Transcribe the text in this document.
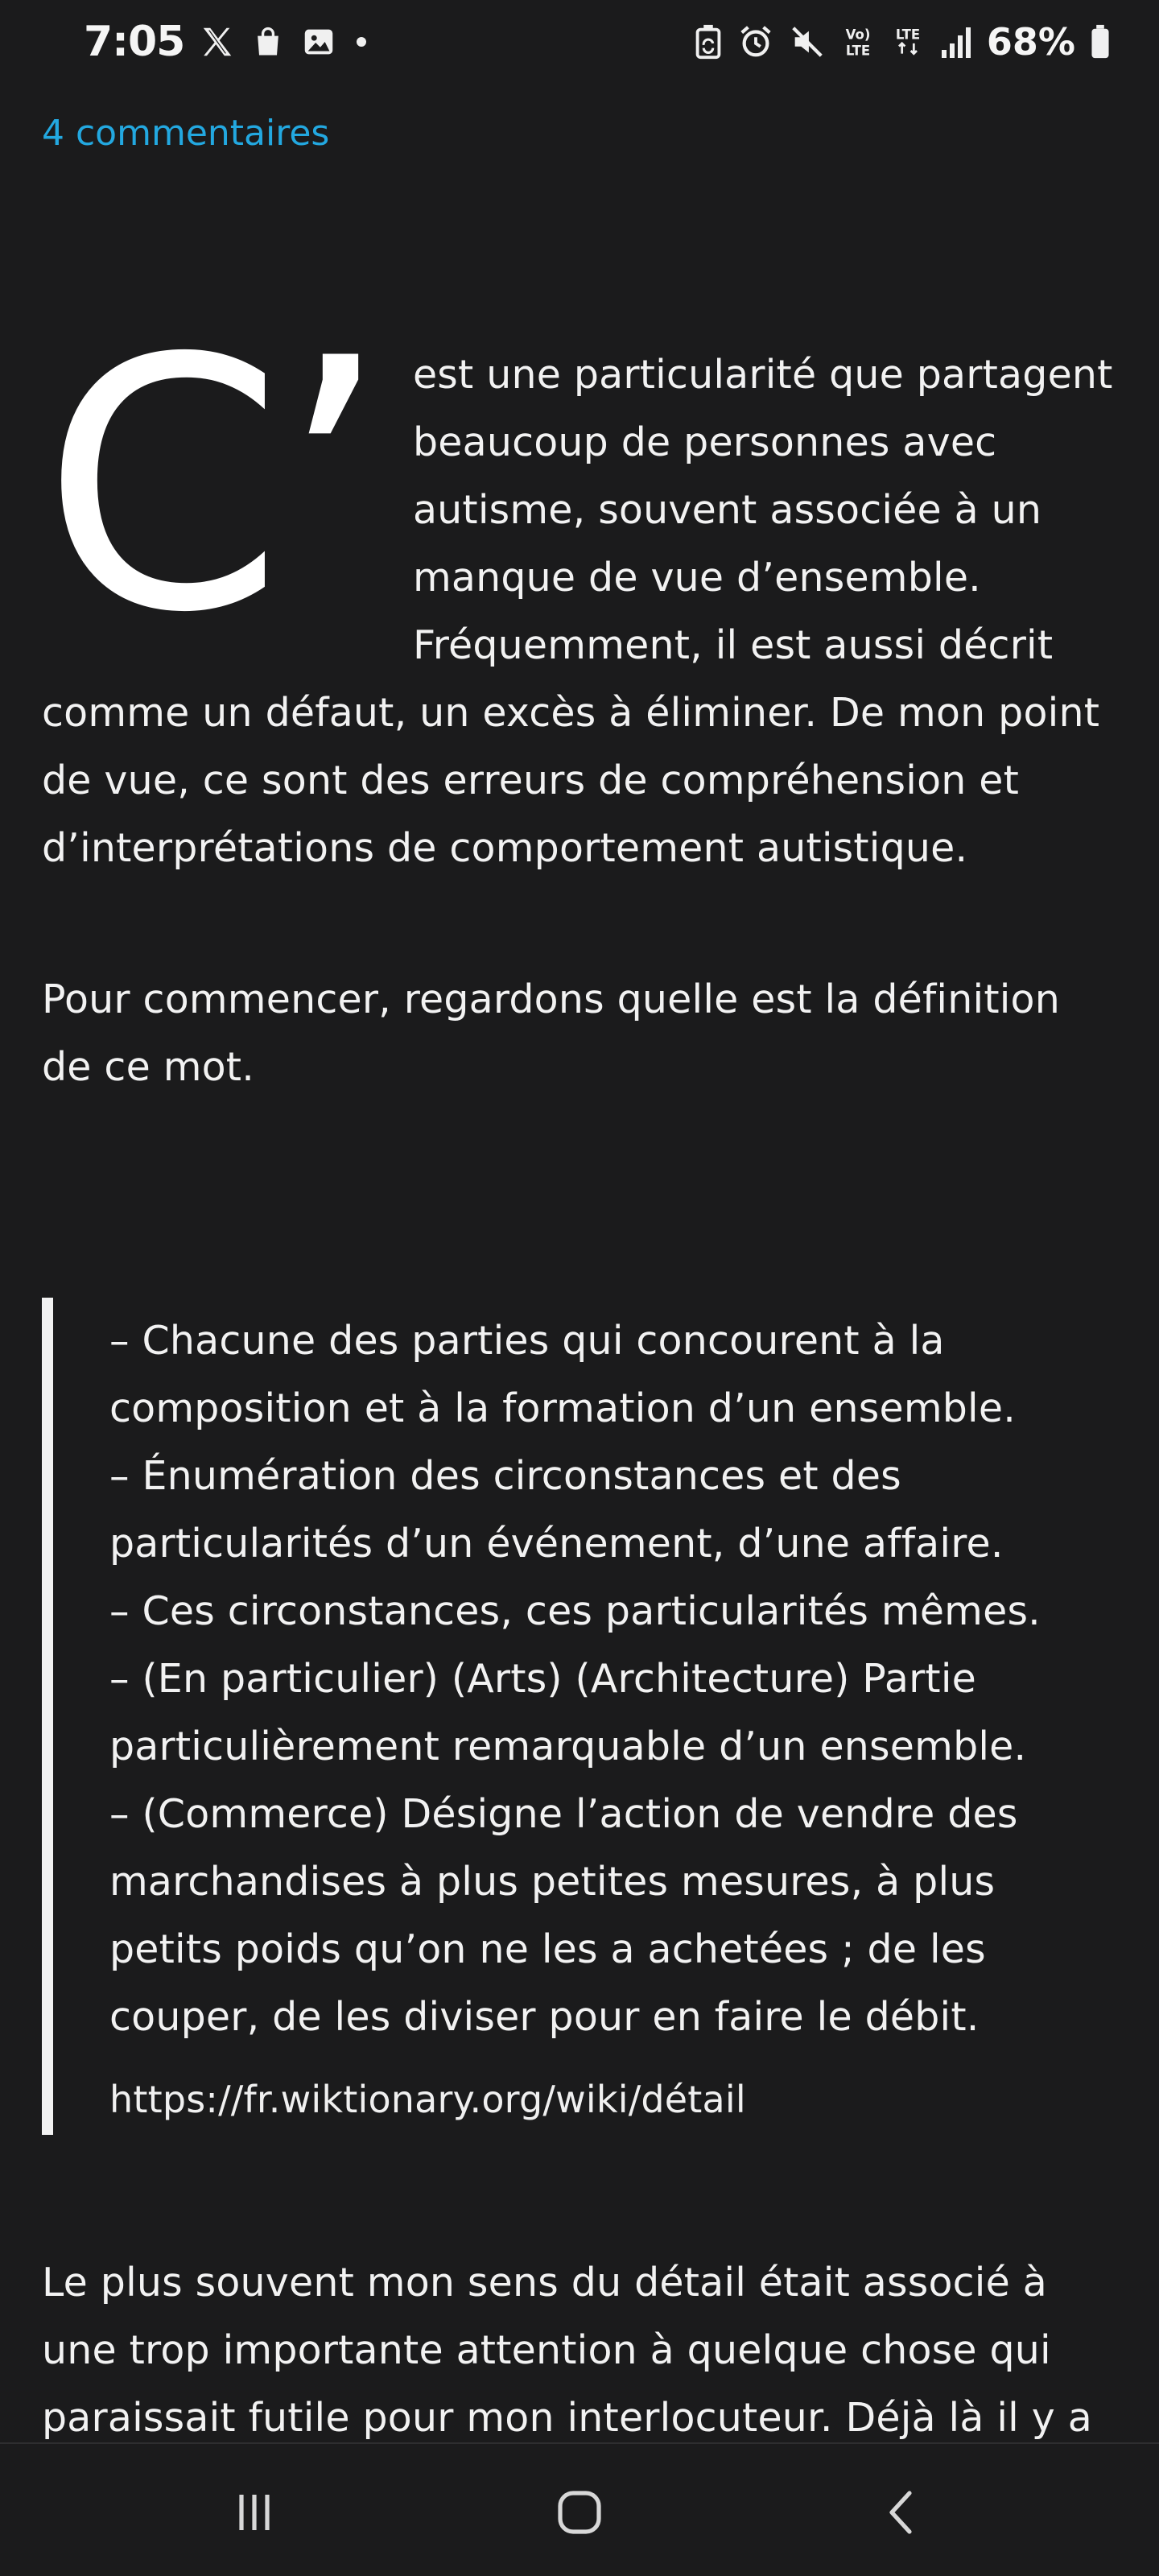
7:05	Vo)
LTE
LTE 68%
4 commentaires
C’ est une particularité que partagent beaucoup de personnes avec autisme, souvent associée à un manque de vue d’ensemble. Fréquemment, il est aussi décrit comme un défaut, un excès à éliminer. De mon point de vue, ce sont des erreurs de compréhension et d’interprétations de comportement autistique.
Pour commencer, regardons quelle est la définition de ce mot.
– Chacune des parties qui concourent à la composition et à la formation d’un ensemble.
– Énumération des circonstances et des particularités d’un événement, d’une affaire.
– Ces circonstances, ces particularités mêmes.
– (En particulier) (Arts) (Architecture) Partie particulièrement remarquable d’un ensemble.
– (Commerce) Désigne l’action de vendre des marchandises à plus petites mesures, à plus petits poids qu’on ne les a achetées ; de les couper, de les diviser pour en faire le débit.
https://fr.wiktionary.org/wiki/détail
Le plus souvent mon sens du détail était associé à une trop importante attention à quelque chose qui paraissait futile pour mon interlocuteur. Déjà là il y a
